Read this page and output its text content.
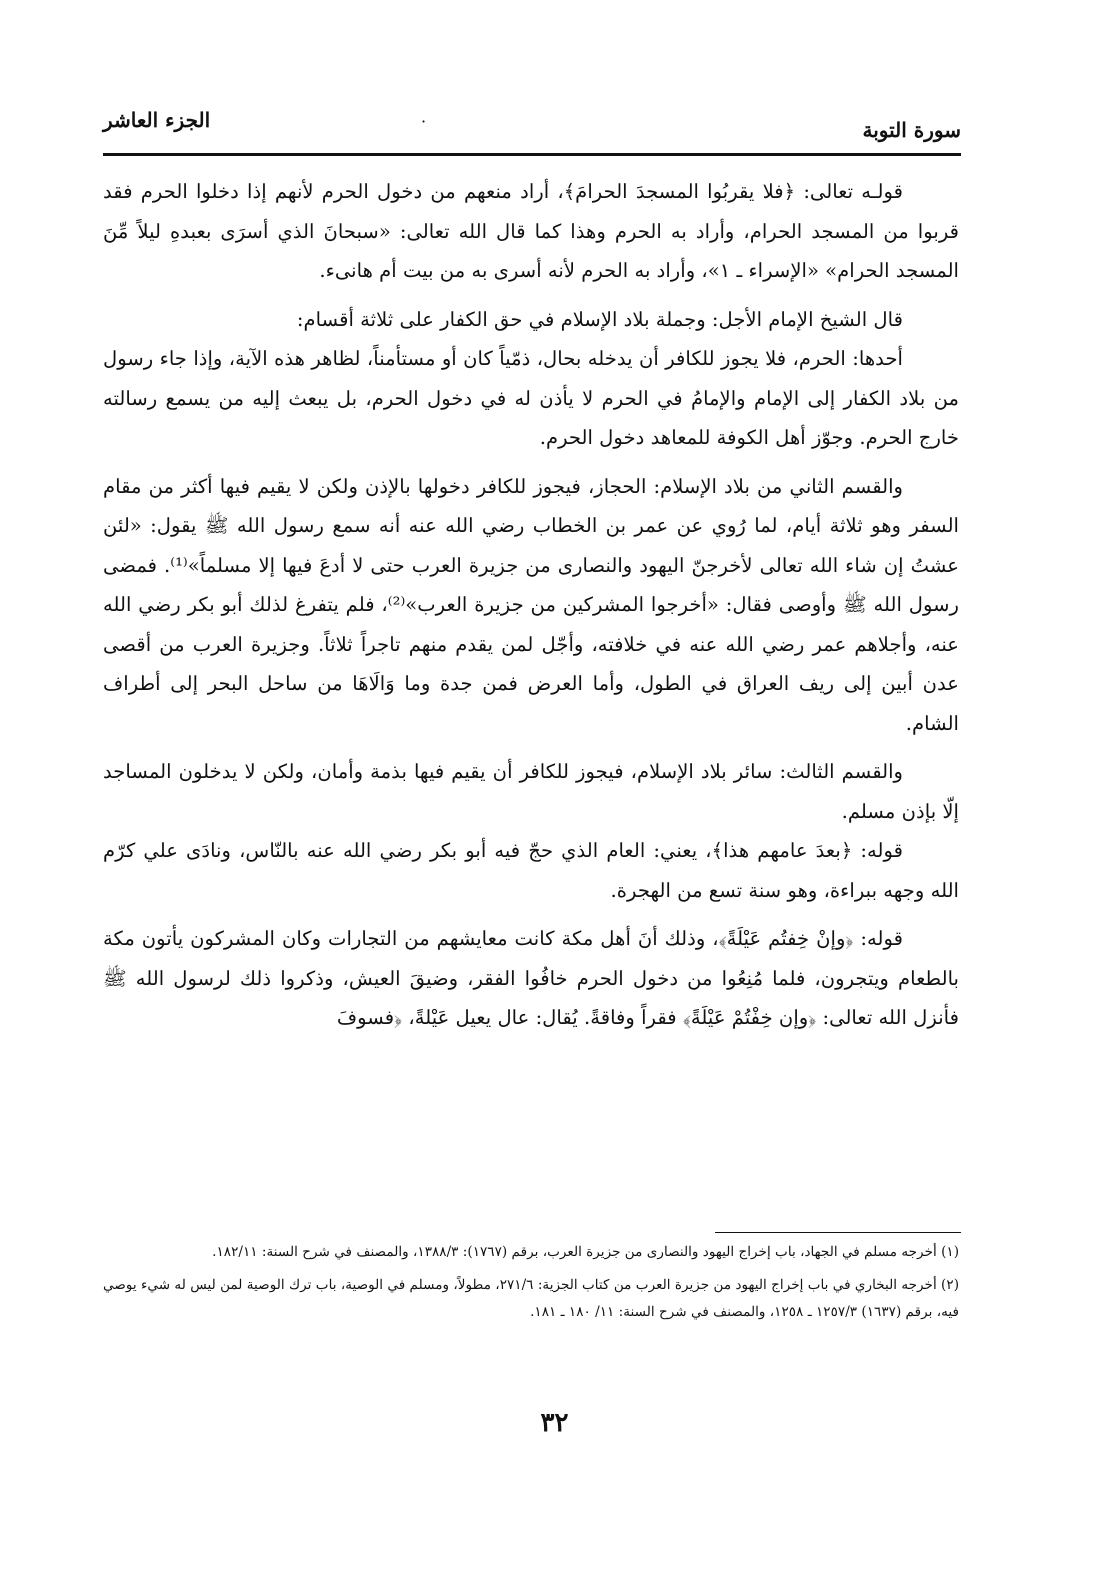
الجزء العاشر	·	سورة التوبة

قولـه تعالى: ﴿فلا يقربُوا المسجدَ الحرامَ﴾، أراد منعهم من دخول الحرم لأنهم إذا دخلوا الحرم فقد قربوا من المسجد الحرام، وأراد به الحرم وهذا كما قال الله تعالى: «سبحانَ الذي أسرَى بعبدهِ ليلاً مِّنَ المسجد الحرام» «الإسراء ـ ١»، وأراد به الحرم لأنه أسرى به من بيت أم هانىء.

قال الشيخ الإمام الأجل: وجملة بلاد الإسلام في حق الكفار على ثلاثة أقسام:

أحدها: الحرم، فلا يجوز للكافر أن يدخله بحال، ذمّياً كان أو مستأمناً، لظاهر هذه الآية، وإذا جاء رسول من بلاد الكفار إلى الإمام والإمامُ في الحرم لا يأذن له في دخول الحرم، بل يبعث إليه من يسمع رسالته خارج الحرم. وجوّز أهل الكوفة للمعاهد دخول الحرم.

والقسم الثاني من بلاد الإسلام: الحجاز، فيجوز للكافر دخولها بالإذن ولكن لا يقيم فيها أكثر من مقام السفر وهو ثلاثة أيام، لما رُوي عن عمر بن الخطاب رضي الله عنه أنه سمع رسول الله ﷺ يقول: «لئن عشتُ إن شاء الله تعالى لأخرجنّ اليهود والنصارى من جزيرة العرب حتى لا أدعَ فيها إلا مسلماً»⁽¹⁾. فمضى رسول الله ﷺ وأوصى فقال: «أخرجوا المشركين من جزيرة العرب»⁽²⁾، فلم يتفرغ لذلك أبو بكر رضي الله عنه، وأجلاهم عمر رضي الله عنه في خلافته، وأجّل لمن يقدم منهم تاجراً ثلاثاً. وجزيرة العرب من أقصى عدن أبين إلى ريف العراق في الطول، وأما العرض فمن جدة وما وَالَاهَا من ساحل البحر إلى أطراف الشام.

والقسم الثالث: سائر بلاد الإسلام، فيجوز للكافر أن يقيم فيها بذمة وأمان، ولكن لا يدخلون المساجد إلّا بإذن مسلم.

قوله: ﴿بعدَ عامهم هذا﴾، يعني: العام الذي حجّ فيه أبو بكر رضي الله عنه بالنّاس، ونادَى علي كرّم الله وجهه ببراءة، وهو سنة تسع من الهجرة.

قوله: ﴿وإنْ خِفتُم عَيْلَةً﴾، وذلك أنَ أهل مكة كانت معايشهم من التجارات وكان المشركون يأتون مكة بالطعام ويتجرون، فلما مُنِعُوا من دخول الحرم خافُوا الفقر، وضيقَ العيش، وذكروا ذلك لرسول الله ﷺ فأنزل الله تعالى: ﴿وإن خِفْتُمْ عَيْلَةً﴾ فقراً وفاقةً. يُقال: عال يعيل عَيْلةً، ﴿فسوفَ

(١) أخرجه مسلم في الجهاد، باب إخراج اليهود والنصارى من جزيرة العرب، برقم (١٧٦٧): ١٣٨٨/٣، والمصنف في شرح السنة: ١٨٢/١١.

(٢) أخرجه البخاري في باب إخراج اليهود من جزيرة العرب من كتاب الجزية: ٢٧١/٦، مطولاً، ومسلم في الوصية، باب ترك الوصية لمن ليس له شيء يوصي فيه، برقم (١٦٣٧) ١٢٥٧/٣ ـ ١٢٥٨، والمصنف في شرح السنة: ١١/ ١٨٠ ـ ١٨١.

٣٢
